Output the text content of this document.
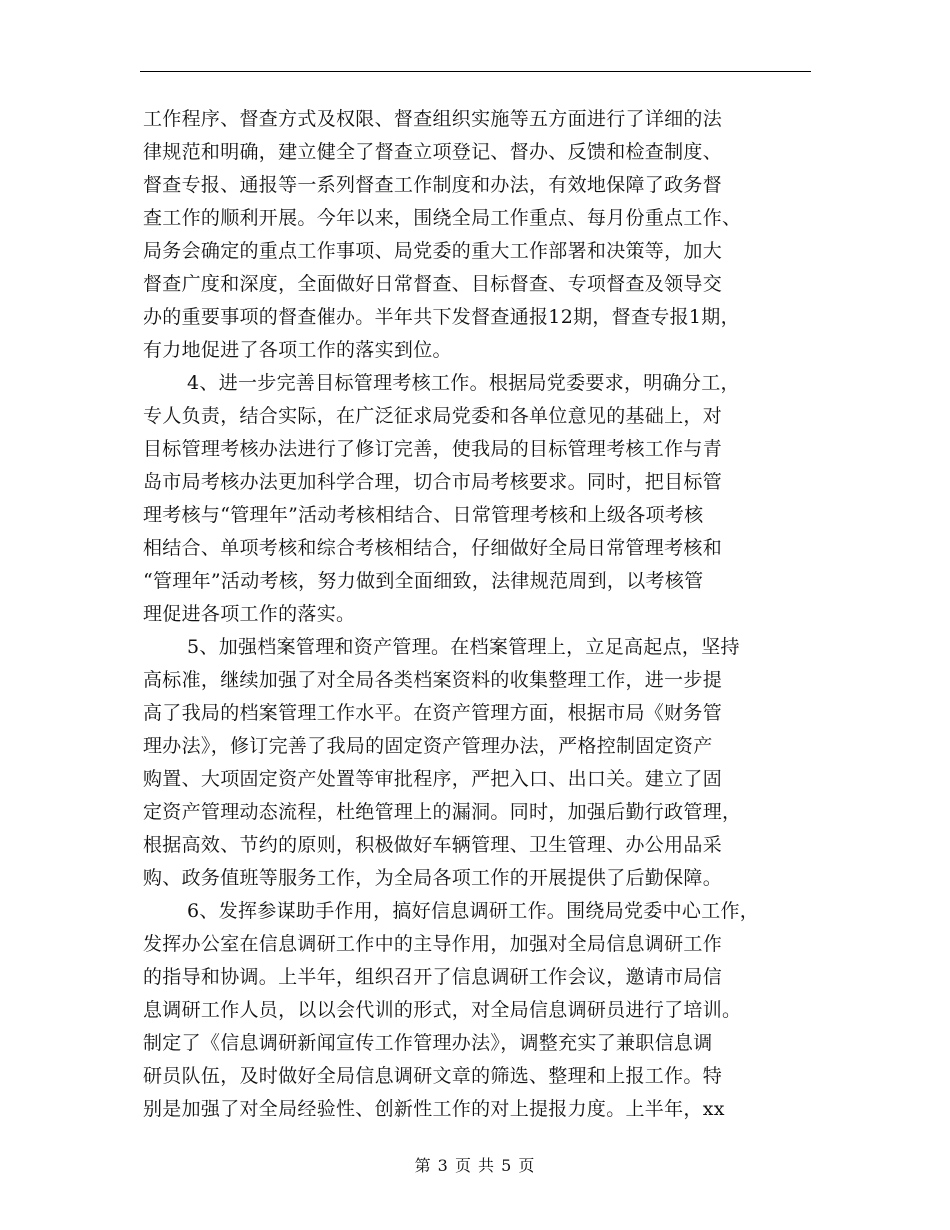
工作程序、督查方式及权限、督查组织实施等五方面进行了详细的法
律规范和明确，建立健全了督查立项登记、督办、反馈和检查制度、
督查专报、通报等一系列督查工作制度和办法，有效地保障了政务督
查工作的顺利开展。今年以来，围绕全局工作重点、每月份重点工作、
局务会确定的重点工作事项、局党委的重大工作部署和决策等，加大
督查广度和深度，全面做好日常督查、目标督查、专项督查及领导交
办的重要事项的督查催办。半年共下发督查通报12期，督查专报1期，
有力地促进了各项工作的落实到位。
4、进一步完善目标管理考核工作。根据局党委要求，明确分工，
专人负责，结合实际，在广泛征求局党委和各单位意见的基础上，对
目标管理考核办法进行了修订完善，使我局的目标管理考核工作与青
岛市局考核办法更加科学合理，切合市局考核要求。同时，把目标管
理考核与“管理年”活动考核相结合、日常管理考核和上级各项考核
相结合、单项考核和综合考核相结合，仔细做好全局日常管理考核和
“管理年”活动考核，努力做到全面细致，法律规范周到，以考核管
理促进各项工作的落实。
5、加强档案管理和资产管理。在档案管理上，立足高起点，坚持
高标准，继续加强了对全局各类档案资料的收集整理工作，进一步提
高了我局的档案管理工作水平。在资产管理方面，根据市局《财务管
理办法》，修订完善了我局的固定资产管理办法，严格控制固定资产
购置、大项固定资产处置等审批程序，严把入口、出口关。建立了固
定资产管理动态流程，杜绝管理上的漏洞。同时，加强后勤行政管理，
根据高效、节约的原则，积极做好车辆管理、卫生管理、办公用品采
购、政务值班等服务工作，为全局各项工作的开展提供了后勤保障。
6、发挥参谋助手作用，搞好信息调研工作。围绕局党委中心工作，
发挥办公室在信息调研工作中的主导作用，加强对全局信息调研工作
的指导和协调。上半年，组织召开了信息调研工作会议，邀请市局信
息调研工作人员，以以会代训的形式，对全局信息调研员进行了培训。
制定了《信息调研新闻宣传工作管理办法》，调整充实了兼职信息调
研员队伍，及时做好全局信息调研文章的筛选、整理和上报工作。特
别是加强了对全局经验性、创新性工作的对上提报力度。上半年，xx
第 3 页 共 5 页
